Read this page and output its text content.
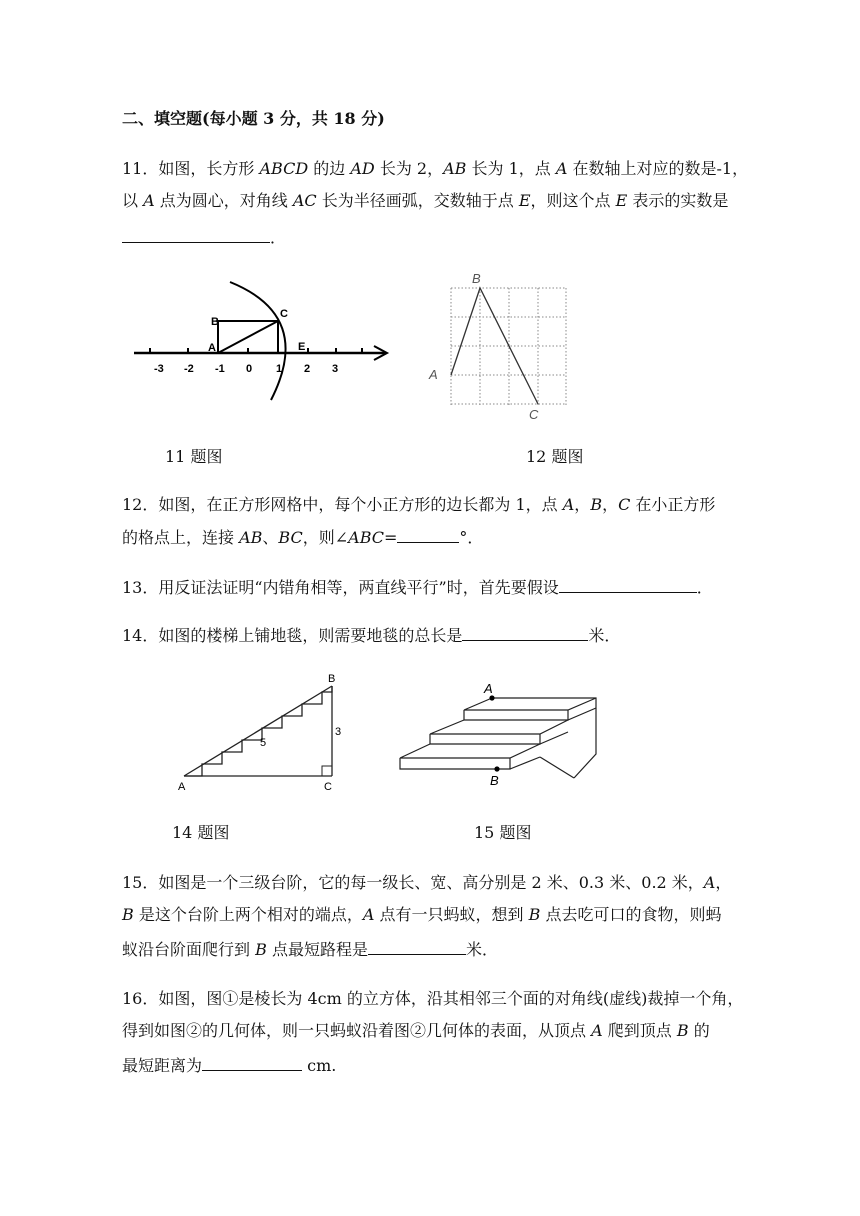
二、填空题(每小题 3 分，共 18 分)
11．如图，长方形 ABCD 的边 AD 长为 2，AB 长为 1，点 A 在数轴上对应的数是-1，
以 A 点为圆心，对角线 AC 长为半径画弧，交数轴于点 E，则这个点 E 表示的实数是
．
B
A
C
E
-3 -2 -1 0 1 2 3
B
A
C
11 题图	12 题图
12．如图，在正方形网格中，每个小正方形的边长都为 1，点 A，B，C 在小正方形
的格点上，连接 AB、BC，则∠ABC=	°．
13．用反证法证明“内错角相等，两直线平行”时，首先要假设	．
14．如图的楼梯上铺地毯，则需要地毯的总长是	米．
B
A	C
5
3
A
B
14 题图	15 题图
15．如图是一个三级台阶，它的每一级长、宽、高分别是 2 米、0.3 米、0.2 米，A，
B 是这个台阶上两个相对的端点，A 点有一只蚂蚁，想到 B 点去吃可口的食物，则蚂
蚁沿台阶面爬行到 B 点最短路程是	米．
16．如图，图①是棱长为 4cm 的立方体，沿其相邻三个面的对角线(虚线)裁掉一个角，
得到如图②的几何体，则一只蚂蚁沿着图②几何体的表面，从顶点 A 爬到顶点 B 的
最短距离为	cm.
